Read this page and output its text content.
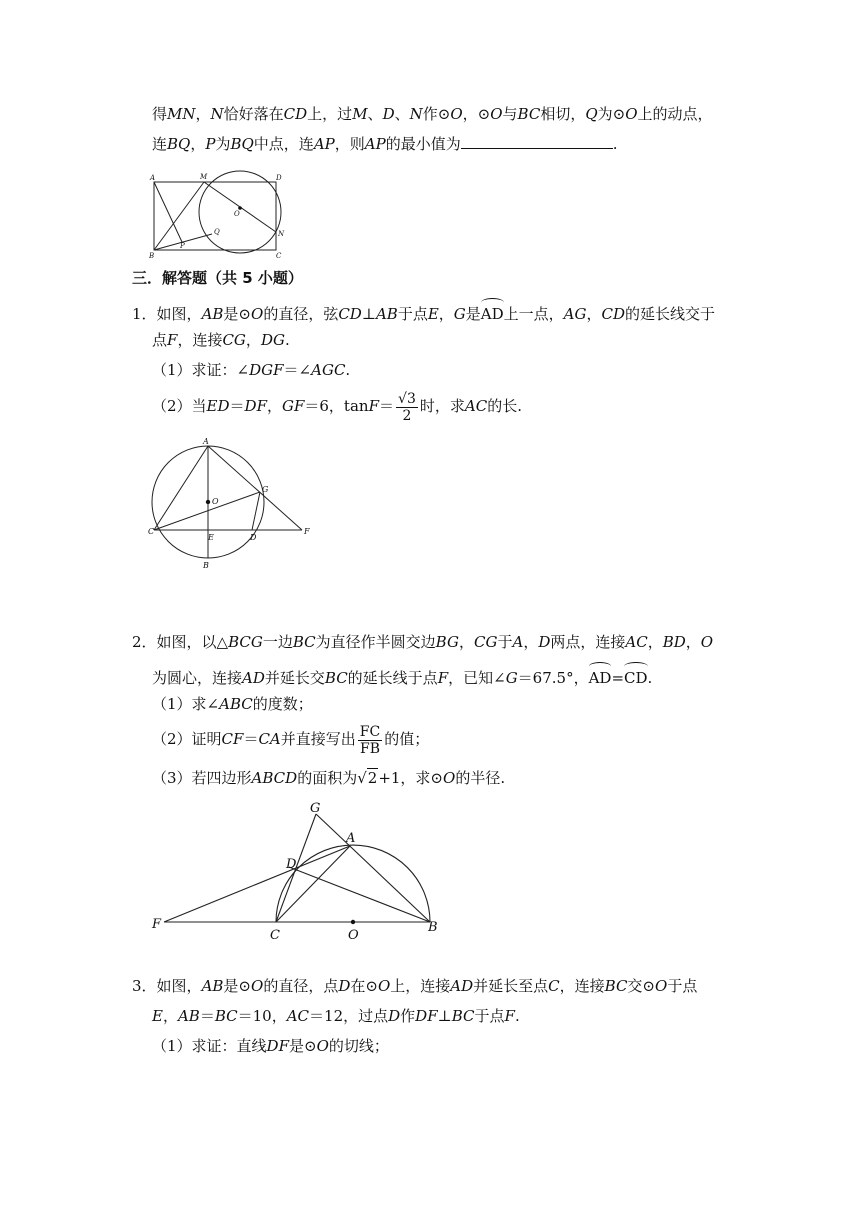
得MN，N恰好落在CD上，过M、D、N作⊙O，⊙O与BC相切，Q为⊙O上的动点，
连BQ，P为BQ中点，连AP，则AP的最小值为	.
A	M	D
O
Q
B
P
N
C
三．解答题（共 5 小题）
1．如图，AB是⊙O的直径，弦CD⊥AB于点E，G是AD上一点，AG，CD的延长线交于
点F，连接CG，DG.
（1）求证：∠DGF＝∠AGC.
（2）当ED＝DF，GF＝6，$\tan F= \frac{√3}{2}$ 时，求AC的长.
A
O
G
C
E	D
F
B
2．如图，以△BCG一边BC为直径作半圆交边BG，CG于A，D两点，连接AC，BD，O
为圆心，连接AD并延长交BC的延长线于点F，已知∠G＝67.5°，AD=CD.
（1）求∠ABC的度数；
（2）证明CF＝CA并直接写出 $\frac{FC}{FB}$ 的值；
（3）若四边形ABCD的面积为√2+1，求⊙O的半径.
G
A
D
F
C	O
B
3．如图，AB是⊙O的直径，点D在⊙O上，连接AD并延长至点C，连接BC交⊙O于点
E，AB＝BC＝10，AC＝12，过点D作DF⊥BC于点F.
（1）求证：直线DF是⊙O的切线；
